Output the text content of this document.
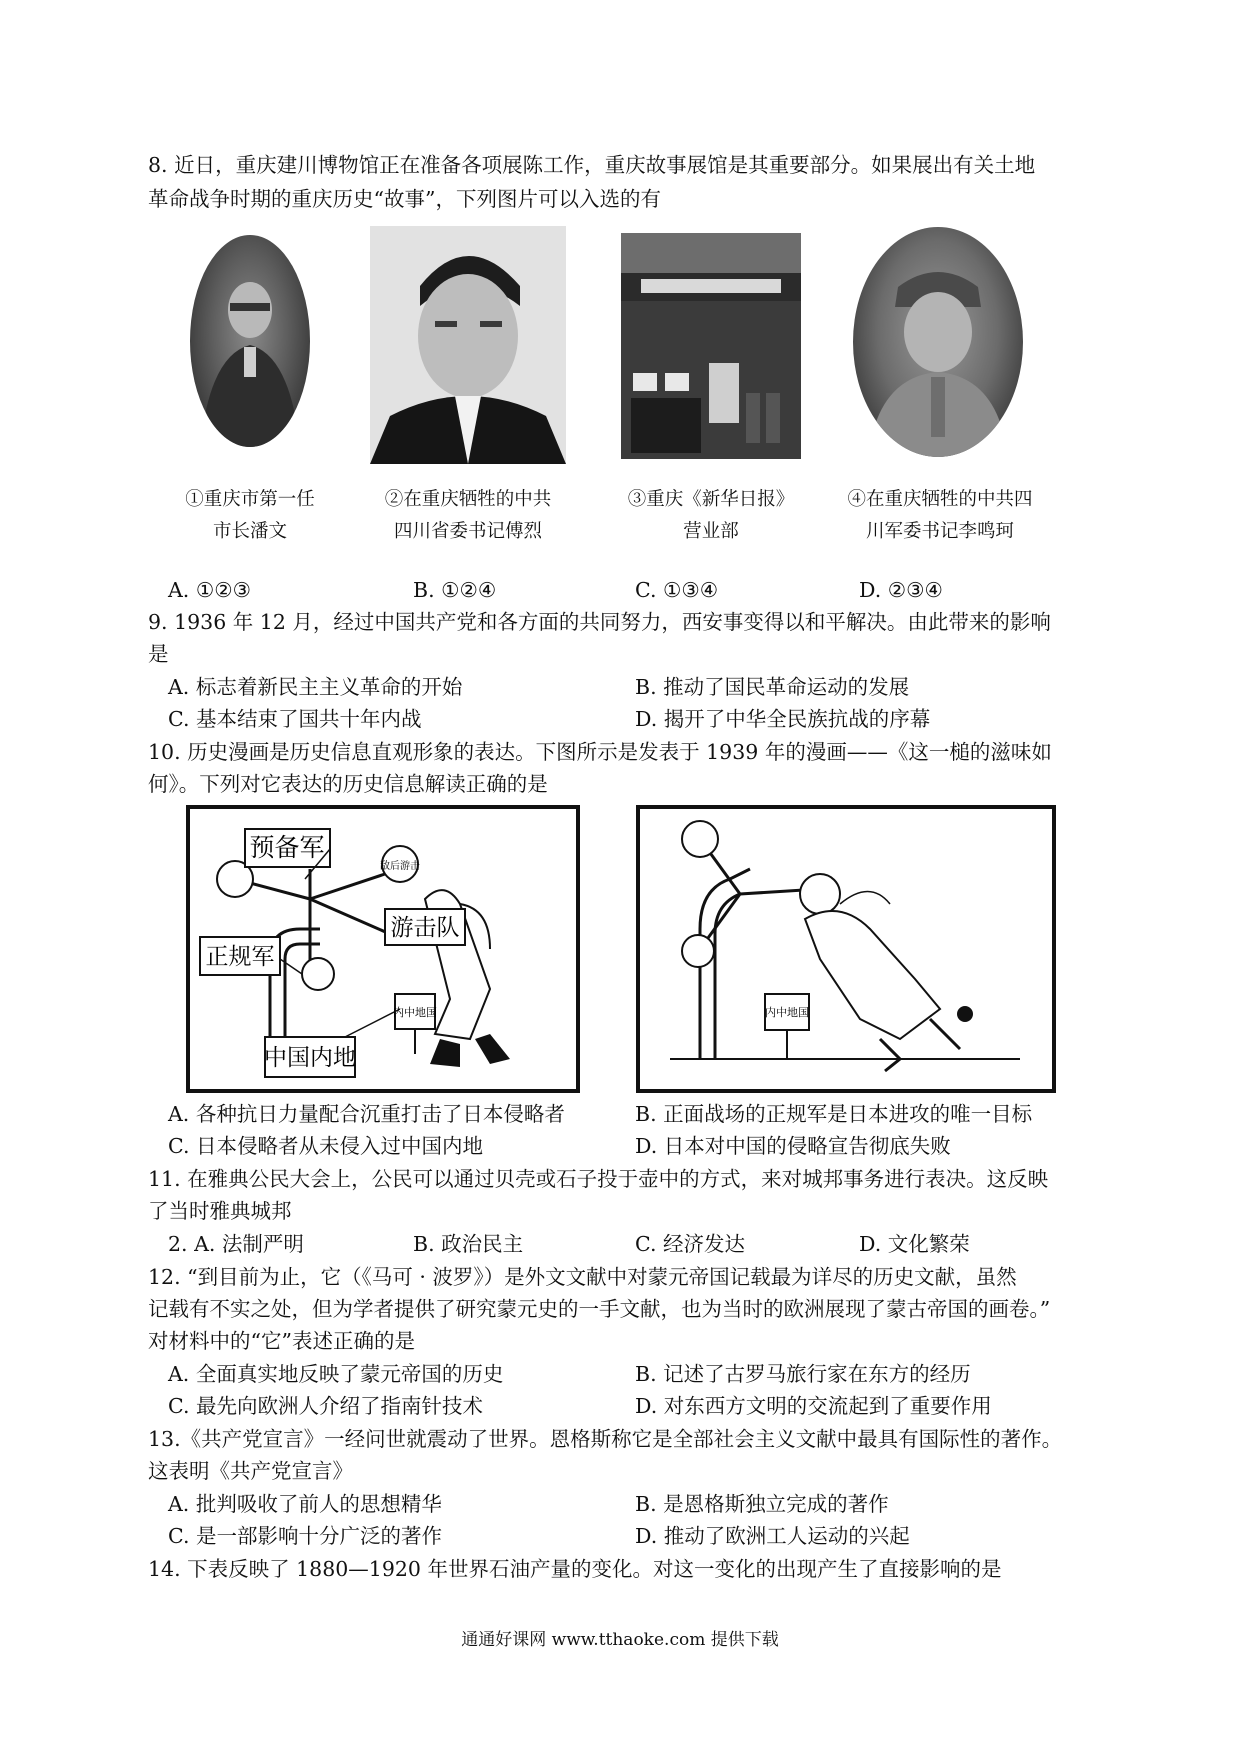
8. 近日，重庆建川博物馆正在准备各项展陈工作，重庆故事展馆是其重要部分。如果展出有关土地
革命战争时期的重庆历史“故事”，下列图片可以入选的有
①重庆市第一任
市长潘文
②在重庆牺牲的中共
四川省委书记傅烈
③重庆《新华日报》
营业部
④在重庆牺牲的中共四
川军委书记李鸣珂
A. ①②③	B. ①②④	C. ①③④	D. ②③④
9. 1936 年 12 月，经过中国共产党和各方面的共同努力，西安事变得以和平解决。由此带来的影响
是
A. 标志着新民主主义革命的开始	B. 推动了国民革命运动的发展
C. 基本结束了国共十年内战	D. 揭开了中华全民族抗战的序幕
10. 历史漫画是历史信息直观形象的表达。下图所示是发表于 1939 年的漫画——《这一槌的滋味如
何》。下列对它表达的历史信息解读正确的是
预备军
游击队
正规军
中国内地
敌后游击
内中地国	内中地国
A. 各种抗日力量配合沉重打击了日本侵略者	B. 正面战场的正规军是日本进攻的唯一目标
C. 日本侵略者从未侵入过中国内地	D. 日本对中国的侵略宣告彻底失败
11. 在雅典公民大会上，公民可以通过贝壳或石子投于壶中的方式，来对城邦事务进行表决。这反映
了当时雅典城邦
2. A. 法制严明	B. 政治民主	C. 经济发达	D. 文化繁荣
12. “到目前为止，它（《马可 · 波罗》）是外文文献中对蒙元帝国记载最为详尽的历史文献，虽然
记载有不实之处，但为学者提供了研究蒙元史的一手文献，也为当时的欧洲展现了蒙古帝国的画卷。”
对材料中的“它”表述正确的是
A. 全面真实地反映了蒙元帝国的历史	B. 记述了古罗马旅行家在东方的经历
C. 最先向欧洲人介绍了指南针技术	D. 对东西方文明的交流起到了重要作用
13.《共产党宣言》一经问世就震动了世界。恩格斯称它是全部社会主义文献中最具有国际性的著作。
这表明《共产党宣言》
A. 批判吸收了前人的思想精华	B. 是恩格斯独立完成的著作
C. 是一部影响十分广泛的著作	D. 推动了欧洲工人运动的兴起
14. 下表反映了 1880—1920 年世界石油产量的变化。对这一变化的出现产生了直接影响的是
通通好课网 www.tthaoke.com 提供下载
